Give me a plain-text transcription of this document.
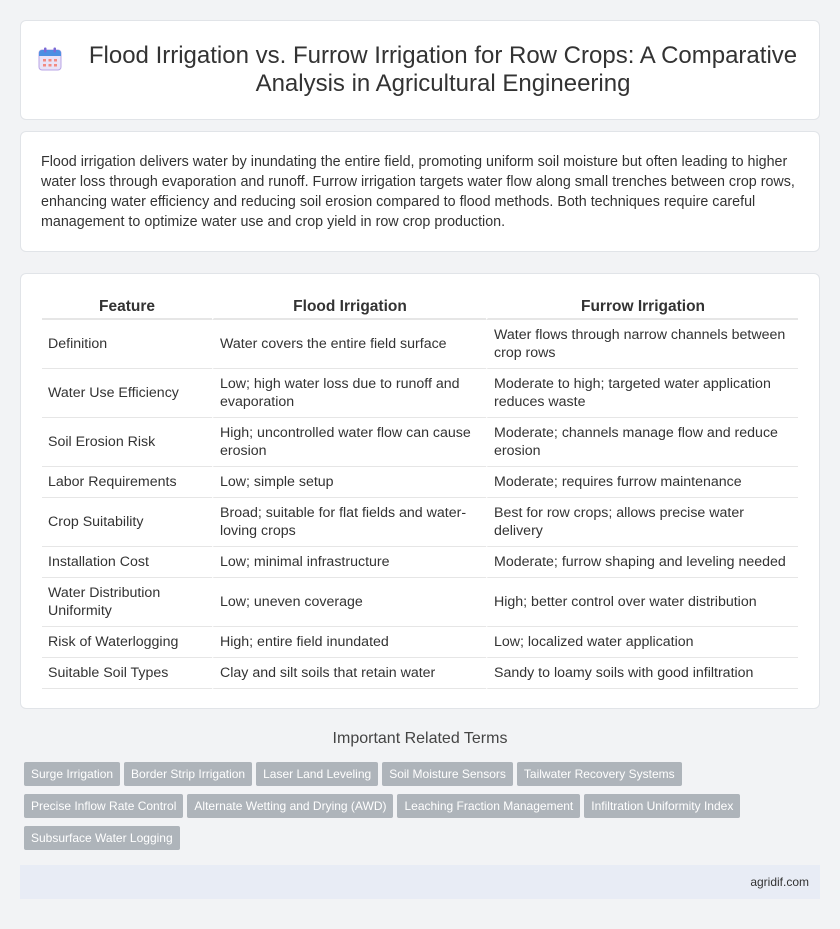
Flood Irrigation vs. Furrow Irrigation for Row Crops: A Comparative Analysis in Agricultural Engineering

Flood irrigation delivers water by inundating the entire field, promoting uniform soil moisture but often leading to higher water loss through evaporation and runoff. Furrow irrigation targets water flow along small trenches between crop rows, enhancing water efficiency and reducing soil erosion compared to flood methods. Both techniques require careful management to optimize water use and crop yield in row crop production.

Feature	Flood Irrigation	Furrow Irrigation
Definition	Water covers the entire field surface	Water flows through narrow channels between crop rows
Water Use Efficiency	Low; high water loss due to runoff and evaporation	Moderate to high; targeted water application reduces waste
Soil Erosion Risk	High; uncontrolled water flow can cause erosion	Moderate; channels manage flow and reduce erosion
Labor Requirements	Low; simple setup	Moderate; requires furrow maintenance
Crop Suitability	Broad; suitable for flat fields and water-loving crops	Best for row crops; allows precise water delivery
Installation Cost	Low; minimal infrastructure	Moderate; furrow shaping and leveling needed
Water Distribution Uniformity	Low; uneven coverage	High; better control over water distribution
Risk of Waterlogging	High; entire field inundated	Low; localized water application
Suitable Soil Types	Clay and silt soils that retain water	Sandy to loamy soils with good infiltration
Important Related Terms
Surge Irrigation Border Strip Irrigation Laser Land Leveling Soil Moisture Sensors Tailwater Recovery Systems
Precise Inflow Rate Control Alternate Wetting and Drying (AWD) Leaching Fraction Management Infiltration Uniformity Index
Subsurface Water Logging
agridif.com
